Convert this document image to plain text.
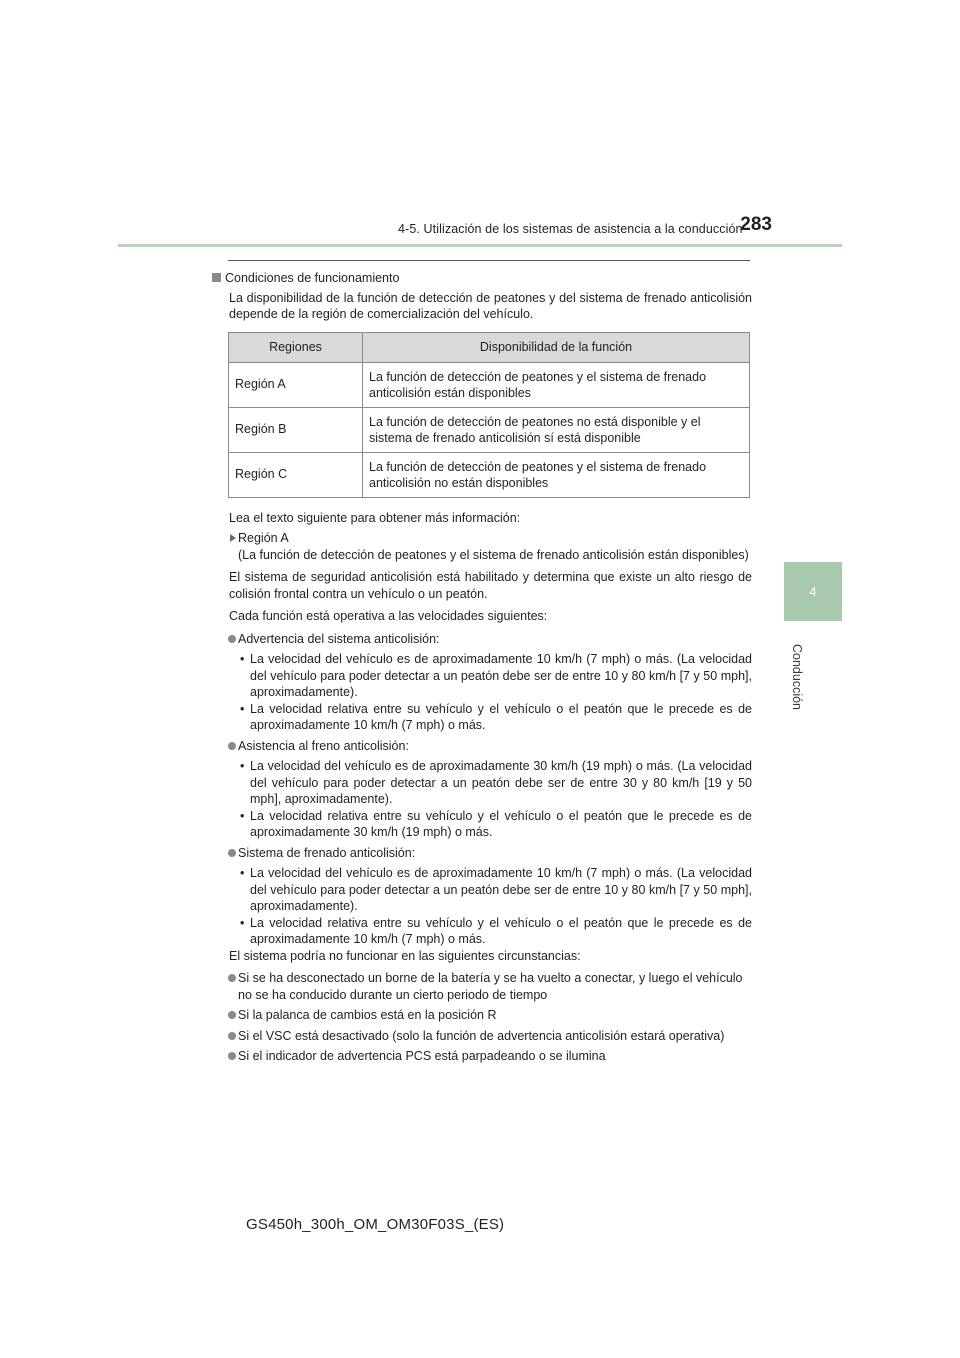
4-5. Utilización de los sistemas de asistencia a la conducción
283
4
Conducción
Condiciones de funcionamiento

La disponibilidad de la función de detección de peatones y del sistema de frenado anticolisión depende de la región de comercialización del vehículo.

Regiones	Disponibilidad de la función
Región A	La función de detección de peatones y el sistema de frenado anticolisión están disponibles
Región B	La función de detección de peatones no está disponible y el sistema de frenado anticolisión sí está disponible
Región C	La función de detección de peatones y el sistema de frenado anticolisión no están disponibles

Lea el texto siguiente para obtener más información:

Región A

(La función de detección de peatones y el sistema de frenado anticolisión están disponibles)

El sistema de seguridad anticolisión está habilitado y determina que existe un alto riesgo de colisión frontal contra un vehículo o un peatón.

Cada función está operativa a las velocidades siguientes:

Advertencia del sistema anticolisión:
• La velocidad del vehículo es de aproximadamente 10 km/h (7 mph) o más. (La velocidad del vehículo para poder detectar a un peatón debe ser de entre 10 y 80 km/h [7 y 50 mph], aproximadamente).
• La velocidad relativa entre su vehículo y el vehículo o el peatón que le precede es de aproximadamente 10 km/h (7 mph) o más.
Asistencia al freno anticolisión:
• La velocidad del vehículo es de aproximadamente 30 km/h (19 mph) o más. (La velocidad del vehículo para poder detectar a un peatón debe ser de entre 30 y 80 km/h [19 y 50 mph], aproximadamente).
• La velocidad relativa entre su vehículo y el vehículo o el peatón que le precede es de aproximadamente 30 km/h (19 mph) o más.
Sistema de frenado anticolisión:
• La velocidad del vehículo es de aproximadamente 10 km/h (7 mph) o más. (La velocidad del vehículo para poder detectar a un peatón debe ser de entre 10 y 80 km/h [7 y 50 mph], aproximadamente).
• La velocidad relativa entre su vehículo y el vehículo o el peatón que le precede es de aproximadamente 10 km/h (7 mph) o más.

El sistema podría no funcionar en las siguientes circunstancias:

Si se ha desconectado un borne de la batería y se ha vuelto a conectar, y luego el vehículo no se ha conducido durante un cierto periodo de tiempo
Si la palanca de cambios está en la posición R
Si el VSC está desactivado (solo la función de advertencia anticolisión estará operativa)
Si el indicador de advertencia PCS está parpadeando o se ilumina
GS450h_300h_OM_OM30F03S_(ES)
